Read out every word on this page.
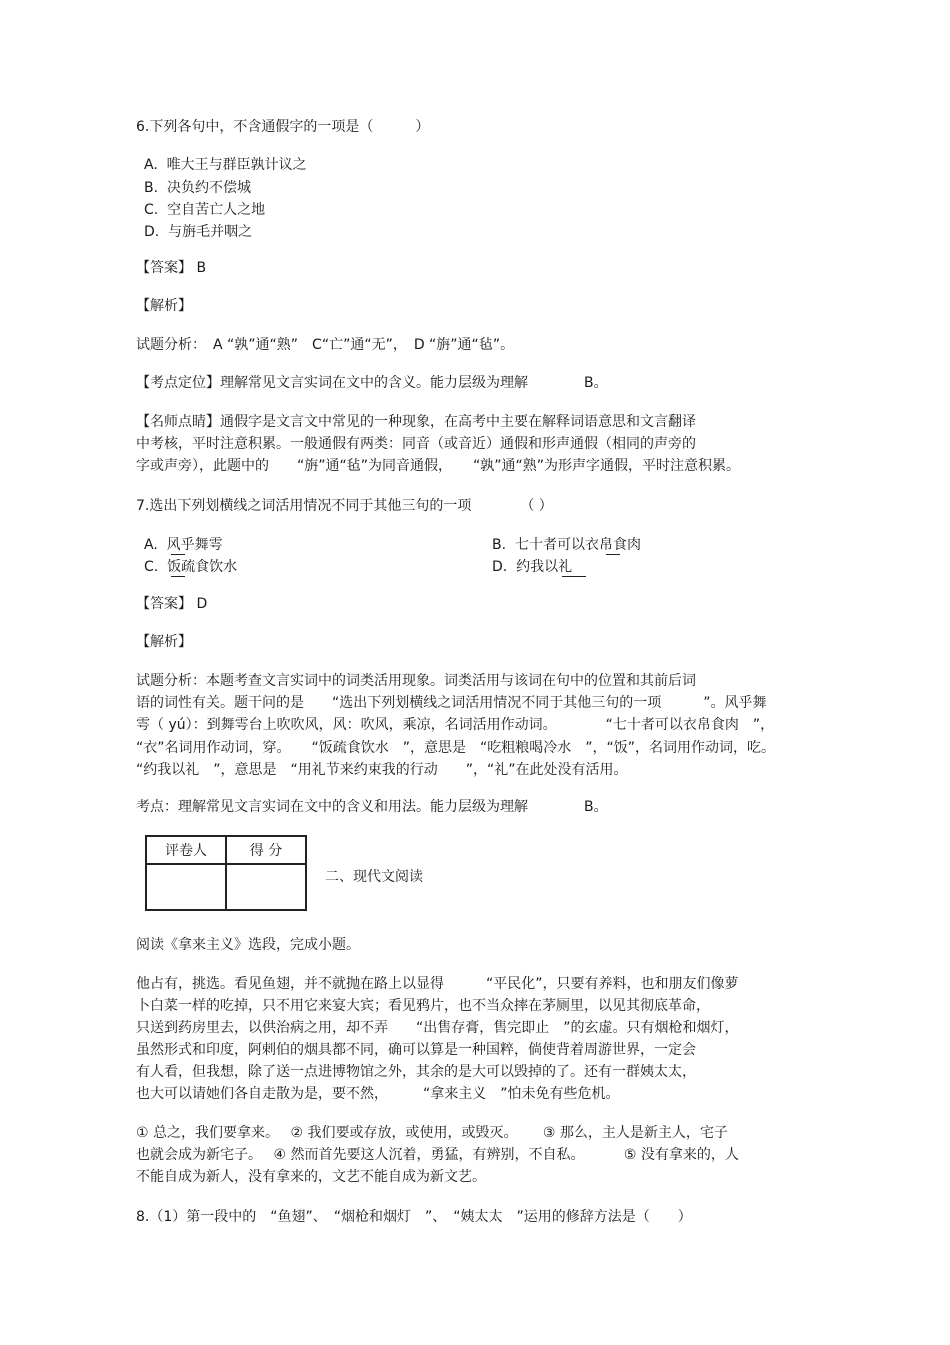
6.下列各句中，不含通假字的一项是（　　　）
A.  唯大王与群臣孰计议之
B.  决负约不偿城
C.  空自苦亡人之地
D.  与旃毛并咽之
【答案】 B
【解析】
试题分析：　A “孰”通“熟”　C“亡”通“无”，　D “旃”通“毡”。
【考点定位】理解常见文言实词在文中的含义。能力层级为理解　　　　B。
【名师点睛】通假字是文言文中常见的一种现象，在高考中主要在解释词语意思和文言翻译
中考核，平时注意积累。一般通假有两类：同音（或音近）通假和形声通假（相同的声旁的
字或声旁），此题中的　　“旃”通“毡”为同音通假，　　“孰”通“熟”为形声字通假，平时注意积累。
7.选出下列划横线之词活用情况不同于其他三句的一项　　　　（ ）
A.  风乎舞雩	B.  七十者可以衣帛食肉
C.  饭疏食饮水	D.  约我以礼
【答案】 D
【解析】
试题分析：本题考查文言实词中的词类活用现象。词类活用与该词在句中的位置和其前后词
语的词性有关。题干问的是　　“选出下列划横线之词活用情况不同于其他三句的一项　　　”。风乎舞
雩（ yú）：到舞雩台上吹吹风，风：吹风，乘凉，名词活用作动词。　　　　“七十者可以衣帛食肉　”，
“衣”名词用作动词，穿。　　“饭疏食饮水　”，意思是　“吃粗粮喝冷水　”，“饭”，名词用作动词，吃。
“约我以礼　”，意思是　“用礼节来约束我的行动　　”，“礼”在此处没有活用。
考点：理解常见文言实词在文中的含义和用法。能力层级为理解　　　　B。
评卷人	得 分

二、现代文阅读
阅读《拿来主义》选段，完成小题。
他占有，挑选。看见鱼翅，并不就抛在路上以显得　　　“平民化”，只要有养料，也和朋友们像萝
卜白菜一样的吃掉，只不用它来宴大宾；看见鸦片，也不当众摔在茅厕里，以见其彻底革命，
只送到药房里去，以供治病之用，却不弄　　“出售存膏，售完即止　”的玄虚。只有烟枪和烟灯，
虽然形式和印度，阿剌伯的烟具都不同，确可以算是一种国粹，倘使背着周游世界，一定会
有人看，但我想，除了送一点进博物馆之外，其余的是大可以毁掉的了。还有一群姨太太，
也大可以请她们各自走散为是，要不然，　　　“拿来主义　”怕未免有些危机。
① 总之，我们要拿来。　 ② 我们要或存放，或使用，或毁灭。　　 ③ 那么，主人是新主人，宅子
也就会成为新宅子。　 ④ 然而首先要这人沉着，勇猛，有辨别，不自私。　　　 ⑤ 没有拿来的，人
不能自成为新人，没有拿来的，文艺不能自成为新文艺。
8.（1）第一段中的　“鱼翅”、　“烟枪和烟灯　”、　“姨太太　”运用的修辞方法是（　　）
